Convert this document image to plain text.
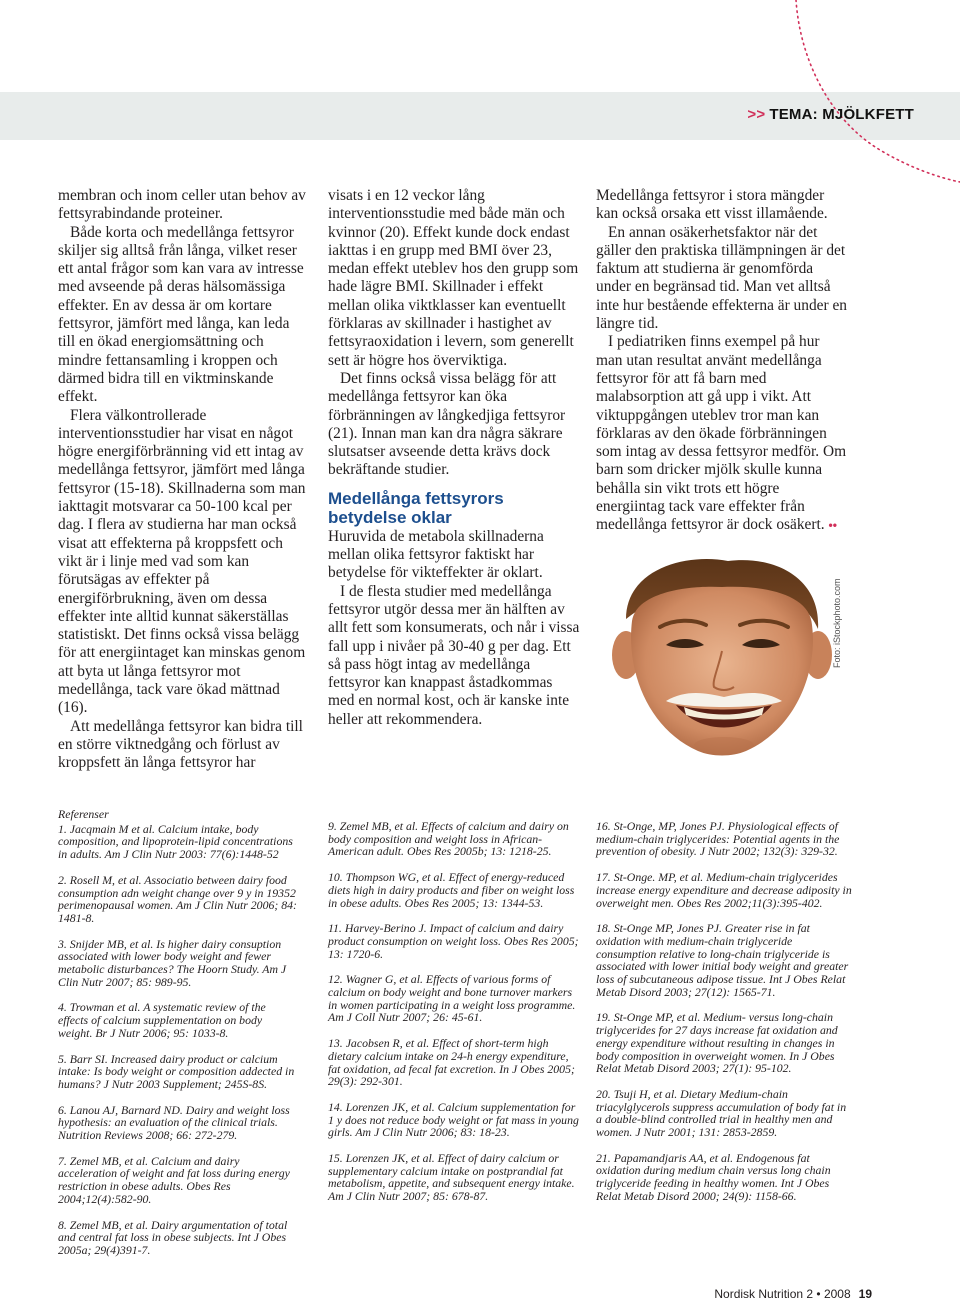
>> TEMA: MJÖLKFETT

membran och inom celler utan behov av fettsyrabindande proteiner.

Både korta och medellånga fettsyror skiljer sig alltså från långa, vilket reser ett antal frågor som kan vara av intresse med avseende på deras hälsomässiga effekter. En av dessa är om kortare fettsyror, jämfört med långa, kan leda till en ökad energiomsättning och mindre fettansamling i kroppen och därmed bidra till en viktminskande effekt.

Flera välkontrollerade interventionsstudier har visat en något högre energiförbränning vid ett intag av medellånga fettsyror, jämfört med långa fettsyror (15-18). Skillnaderna som man iakttagit motsvarar ca 50-100 kcal per dag. I flera av studierna har man också visat att effekterna på kroppsfett och vikt är i linje med vad som kan förutsägas av effekter på energiförbrukning, även om dessa effekter inte alltid kunnat säkerställas statistiskt. Det finns också vissa belägg för att energiintaget kan minskas genom att byta ut långa fettsyror mot medellånga, tack vare ökad mättnad (16).

Att medellånga fettsyror kan bidra till en större viktnedgång och förlust av kroppsfett än långa fettsyror har

visats i en 12 veckor lång interventionsstudie med både män och kvinnor (20). Effekt kunde dock endast iakttas i en grupp med BMI över 23, medan effekt uteblev hos den grupp som hade lägre BMI. Skillnader i effekt mellan olika viktklasser kan eventuellt förklaras av skillnader i hastighet av fettsyraoxidation i levern, som generellt sett är högre hos överviktiga.

Det finns också vissa belägg för att medellånga fettsyror kan öka förbränningen av långkedjiga fettsyror (21). Innan man kan dra några säkrare slutsatser avseende detta krävs dock bekräftande studier.

Medellånga fettsyrors betydelse oklar

Huruvida de metabola skillnaderna mellan olika fettsyror faktiskt har betydelse för vikteffekter är oklart.

I de flesta studier med medellånga fettsyror utgör dessa mer än hälften av allt fett som konsumerats, och når i vissa fall upp i nivåer på 30-40 g per dag. Ett så pass högt intag av medellånga fettsyror kan knappast åstadkommas med en normal kost, och är kanske inte heller att rekommendera.

Medellånga fettsyror i stora mängder kan också orsaka ett visst illamående.

En annan osäkerhetsfaktor när det gäller den praktiska tillämpningen är det faktum att studierna är genomförda under en begränsad tid. Man vet alltså inte hur bestående effekterna är under en längre tid.

I pediatriken finns exempel på hur man utan resultat använt medellånga fettsyror för att få barn med malabsorption att gå upp i vikt. Att viktuppgången uteblev tror man kan förklaras av den ökade förbränningen som intag av dessa fettsyror medför. Om barn som dricker mjölk skulle kunna behålla sin vikt trots ett högre energiintag tack vare effekter från medellånga fettsyror är dock osäkert. ••

Foto: iStockphoto.com
Referenser
1. Jacqmain M et al. Calcium intake, body composition, and lipoprotein-lipid concentrations in adults. Am J Clin Nutr 2003: 77(6):1448-52
2. Rosell M, et al. Associatio between dairy food consumption adn weight change over 9 y in 19352 perimenopausal women. Am J Clin Nutr 2006; 84: 1481-8.
3. Snijder MB, et al. Is higher dairy consuption associated with lower body weight and fewer metabolic disturbances? The Hoorn Study. Am J Clin Nutr 2007; 85: 989-95.
4. Trowman et al. A systematic review of the effects of calcium supplementation on body weight. Br J Nutr 2006; 95: 1033-8.
5. Barr SI. Increased dairy product or calcium intake: Is body weight or composition addected in humans? J Nutr 2003 Supplement; 245S-8S.
6. Lanou AJ, Barnard ND. Dairy and weight loss hypothesis: an evaluation of the clinical trials. Nutrition Reviews 2008; 66: 272-279.
7. Zemel MB, et al. Calcium and dairy acceleration of weight and fat loss during energy restriction in obese adults. Obes Res 2004;12(4):582-90.
8. Zemel MB, et al. Dairy argumentation of total and central fat loss in obese subjects. Int J Obes 2005a; 29(4)391-7.
9. Zemel MB, et al. Effects of calcium and dairy on body composition and weight loss in African-American adult. Obes Res 2005b; 13: 1218-25.
10. Thompson WG, et al. Effect of energy-reduced diets high in dairy products and fiber on weight loss in obese adults. Obes Res 2005; 13: 1344-53.
11. Harvey-Berino J. Impact of calcium and dairy product consumption on weight loss. Obes Res 2005; 13: 1720-6.
12. Wagner G, et al. Effects of various forms of calcium on body weight and bone turnover markers in women participating in a weight loss programme. Am J Coll Nutr 2007; 26: 45-61.
13. Jacobsen R, et al. Effect of short-term high dietary calcium intake on 24-h energy expenditure, fat oxidation, ad fecal fat excretion. In J Obes 2005; 29(3): 292-301.
14. Lorenzen JK, et al. Calcium supplementation for 1 y does not reduce body weight or fat mass in young girls. Am J Clin Nutr 2006; 83: 18-23.
15. Lorenzen JK, et al. Effect of dairy calcium or supplementary calcium intake on postprandial fat metabolism, appetite, and subsequent energy intake. Am J Clin Nutr 2007; 85: 678-87.
16. St-Onge, MP, Jones PJ. Physiological effects of medium-chain triglycerides: Potential agents in the prevention of obesity. J Nutr 2002; 132(3): 329-32.
17. St-Onge. MP, et al. Medium-chain triglycerides increase energy expenditure and decrease adiposity in overweight men. Obes Res 2002;11(3):395-402.
18. St-Onge MP, Jones PJ. Greater rise in fat oxidation with medium-chain triglyceride consumption relative to long-chain triglyceride is associated with lower initial body weight and greater loss of subcutaneous adipose tissue. Int J Obes Relat Metab Disord 2003; 27(12): 1565-71.
19. St-Onge MP, et al. Medium- versus long-chain triglycerides for 27 days increase fat oxidation and energy expenditure without resulting in changes in body composition in overweight women. In J Obes Relat Metab Disord 2003; 27(1): 95-102.
20. Tsuji H, et al. Dietary Medium-chain triacylglycerols suppress accumulation of body fat in a double-blind controlled trial in healthy men and women. J Nutr 2001; 131: 2853-2859.
21. Papamandjaris AA, et al. Endogenous fat oxidation during medium chain versus long chain triglyceride feeding in healthy women. Int J Obes Relat Metab Disord 2000; 24(9): 1158-66.
Nordisk Nutrition 2 • 2008 19
